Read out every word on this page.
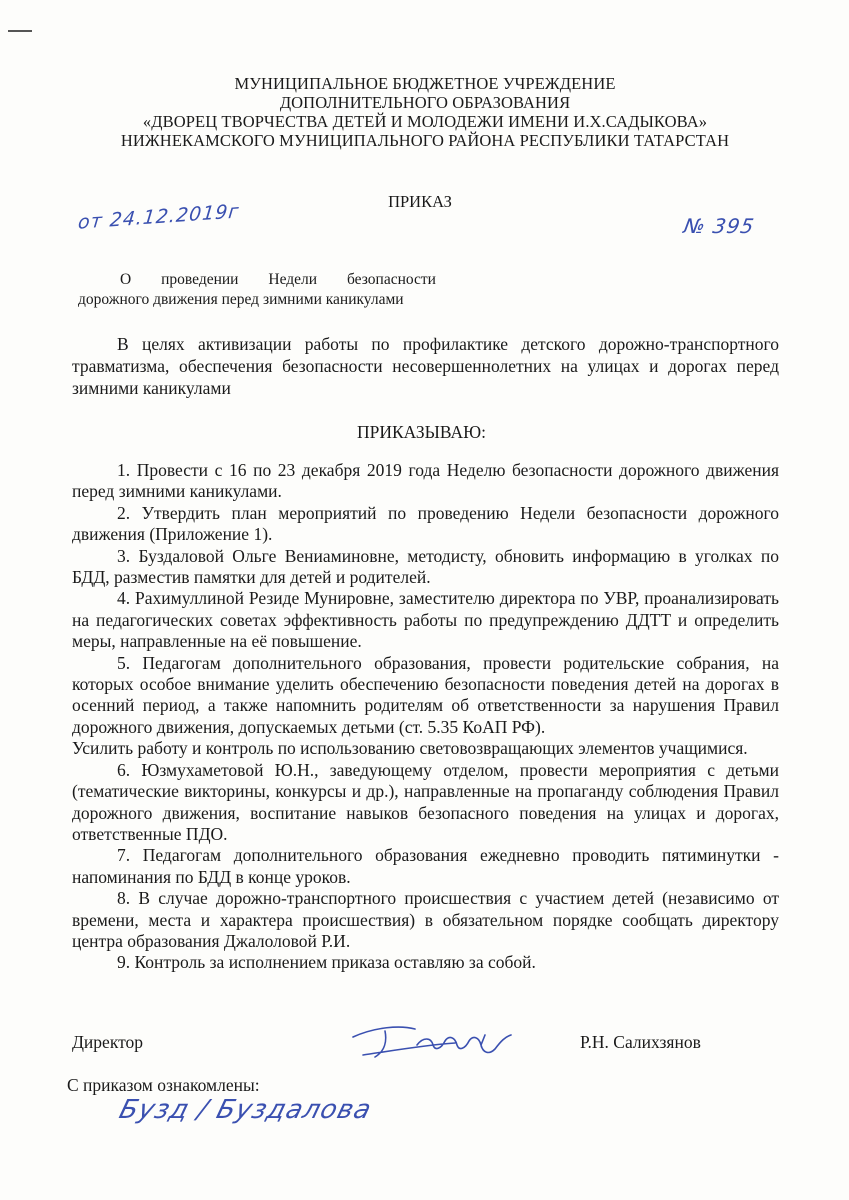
МУНИЦИПАЛЬНОЕ БЮДЖЕТНОЕ УЧРЕЖДЕНИЕ
ДОПОЛНИТЕЛЬНОГО ОБРАЗОВАНИЯ
«ДВОРЕЦ ТВОРЧЕСТВА ДЕТЕЙ И МОЛОДЕЖИ ИМЕНИ И.Х.САДЫКОВА»
НИЖНЕКАМСКОГО МУНИЦИПАЛЬНОГО РАЙОНА РЕСПУБЛИКИ ТАТАРСТАН
ПРИКАЗ
от 24.12.2019г	№ 395
О проведении Недели безопасности
дорожного движения перед зимними каникулами
В целях активизации работы по профилактике детского дорожно-транспортного травматизма, обеспечения безопасности несовершеннолетних на улицах и дорогах перед зимними каникулами
ПРИКАЗЫВАЮ:

1. Провести с 16 по 23 декабря 2019 года Неделю безопасности дорожного движения перед зимними каникулами.

2. Утвердить план мероприятий по проведению Недели безопасности дорожного движения (Приложение 1).

3. Буздаловой Ольге Вениаминовне, методисту, обновить информацию в уголках по БДД, разместив памятки для детей и родителей.

4. Рахимуллиной Резиде Мунировне, заместителю директора по УВР, проанализировать на педагогических советах эффективность работы по предупреждению ДДТТ и определить меры, направленные на её повышение.

5. Педагогам дополнительного образования, провести родительские собрания, на которых особое внимание уделить обеспечению безопасности поведения детей на дорогах в осенний период, а также напомнить родителям об ответственности за нарушения Правил дорожного движения, допускаемых детьми (ст. 5.35 КоАП РФ).

Усилить работу и контроль по использованию световозвращающих элементов учащимися.

6. Юзмухаметовой Ю.Н., заведующему отделом, провести мероприятия с детьми (тематические викторины, конкурсы и др.), направленные на пропаганду соблюдения Правил дорожного движения, воспитание навыков безопасного поведения на улицах и дорогах, ответственные ПДО.

7. Педагогам дополнительного образования ежедневно проводить пятиминутки - напоминания по БДД в конце уроков.

8. В случае дорожно-транспортного происшествия с участием детей (независимо от времени, места и характера происшествия) в обязательном порядке сообщать директору центра образования Джалоловой Р.И.

9. Контроль за исполнением приказа оставляю за собой.

Директор	Р.Н. Салихзянов
С приказом ознакомлены:
Бузд / Буздалова
